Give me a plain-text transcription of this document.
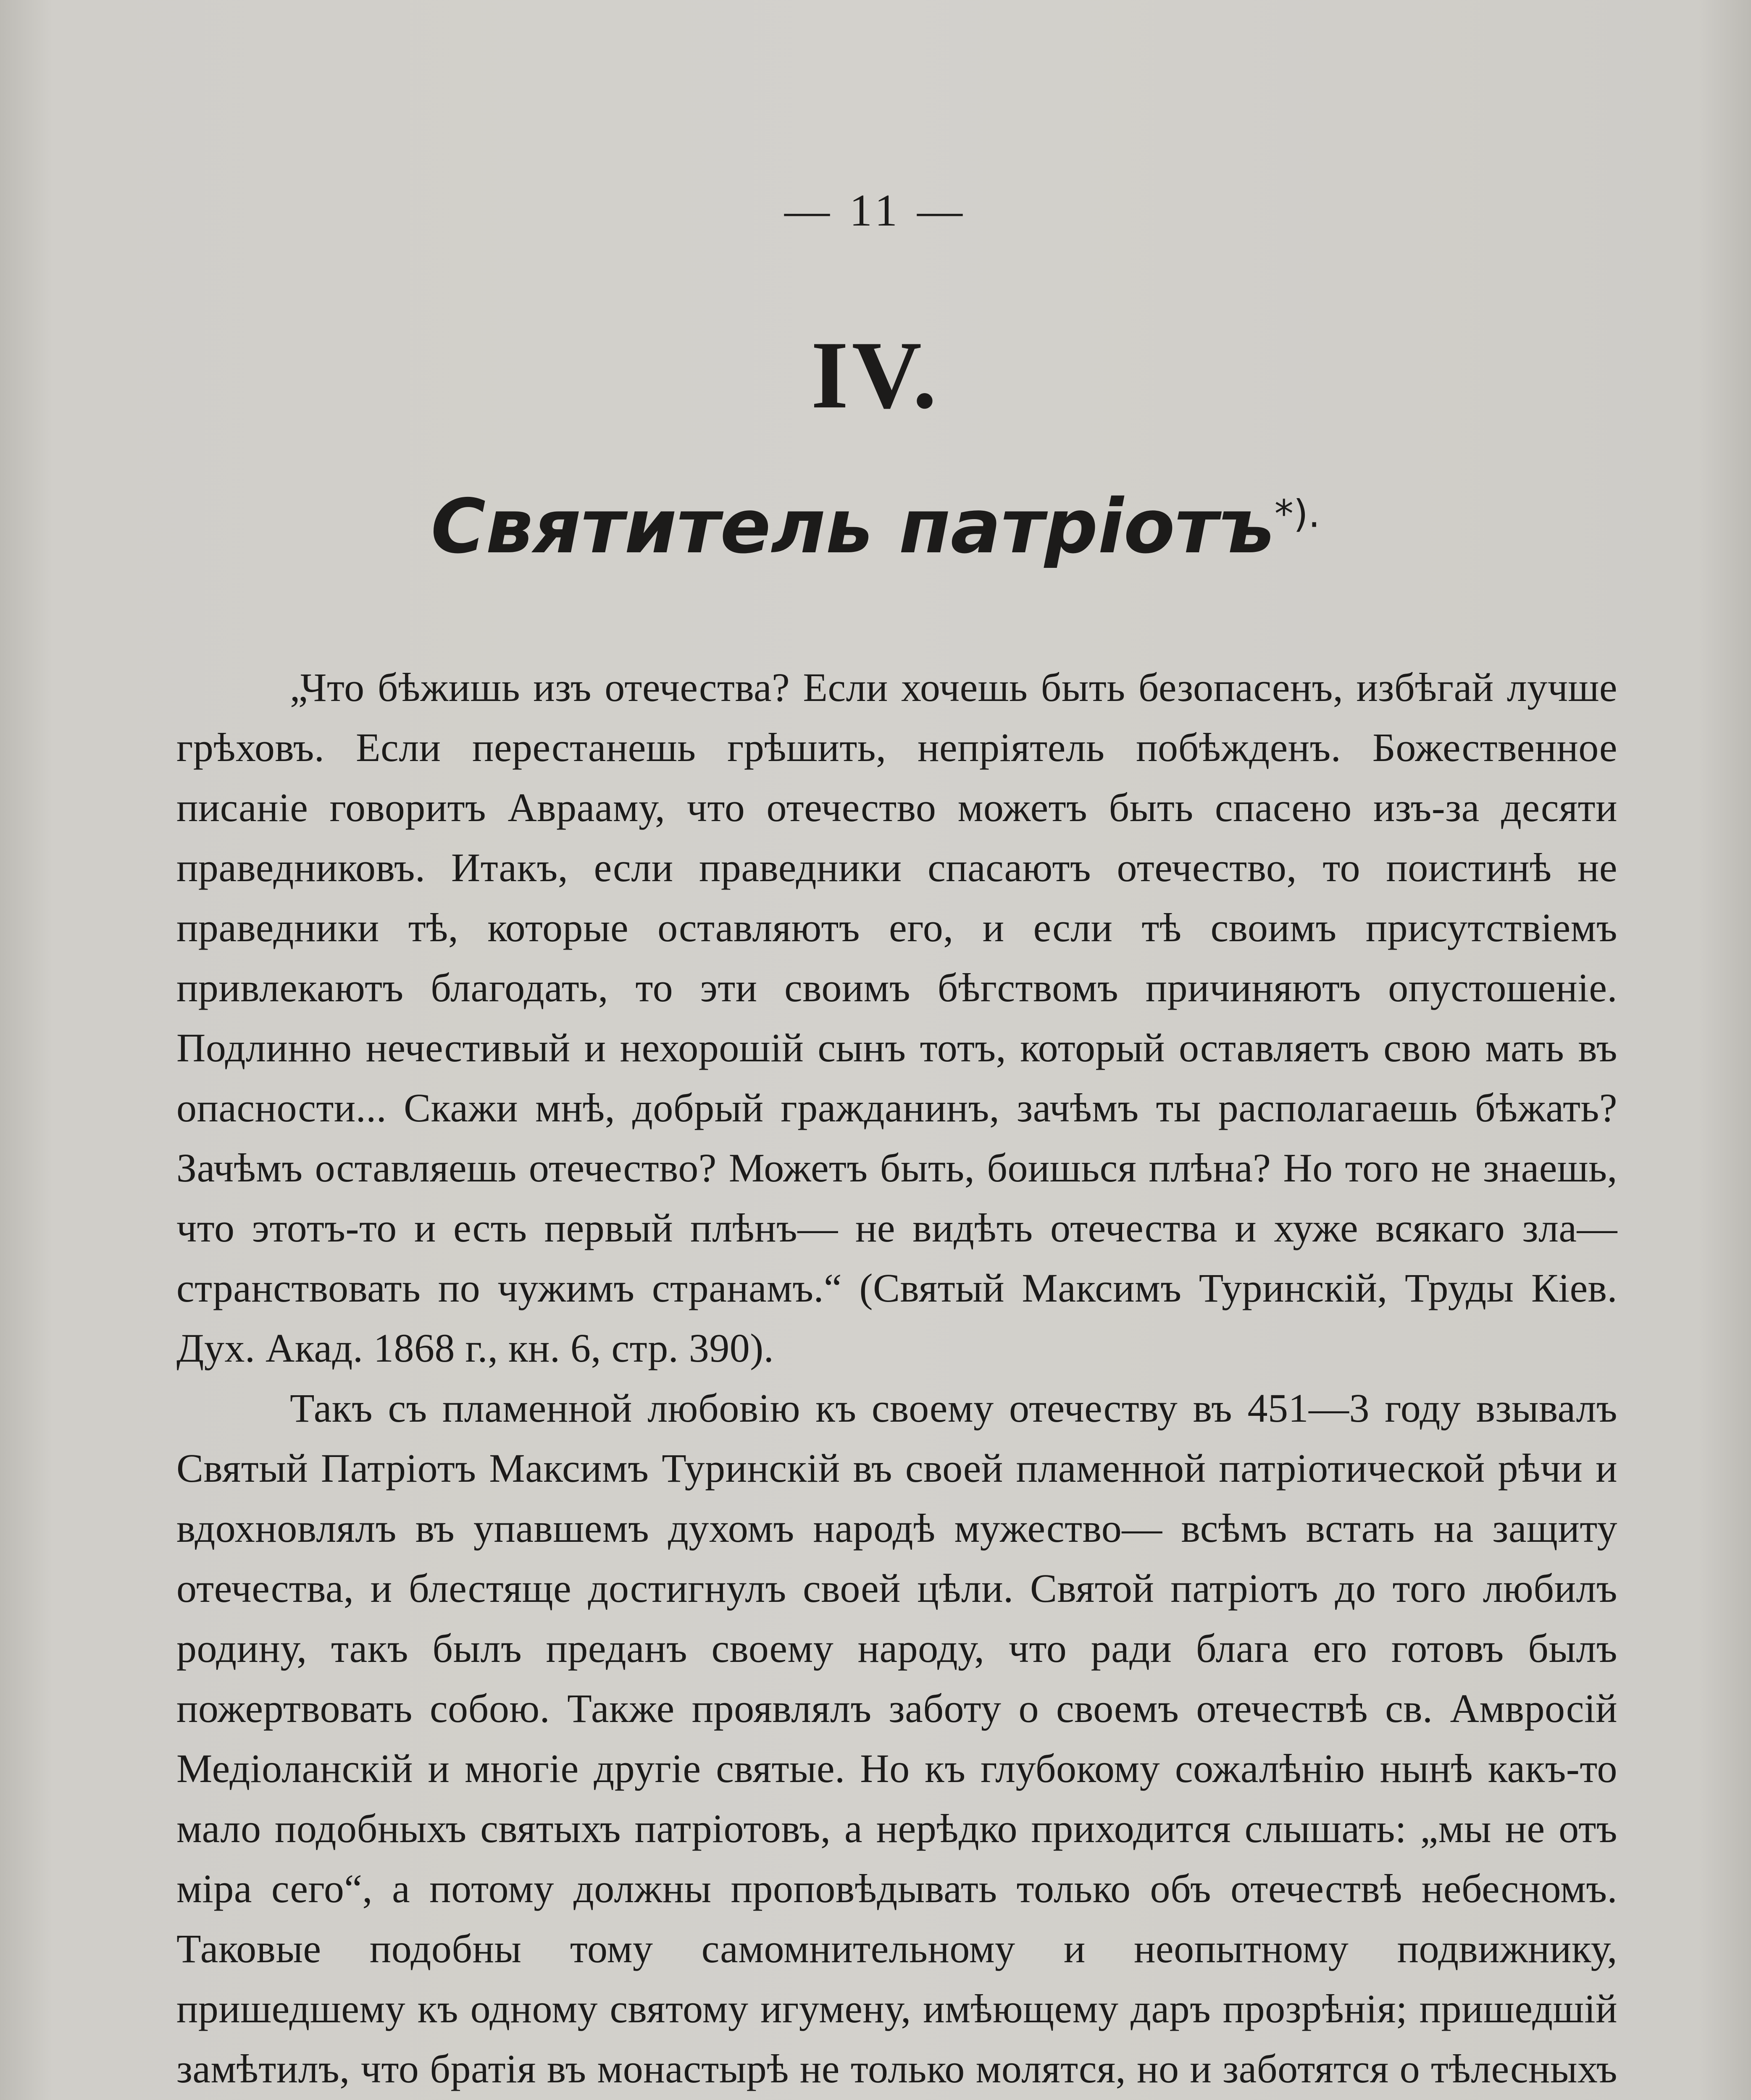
— 11 —
IV.
Святитель патріотъ*).

„Что бѣжишь изъ отечества? Если хочешь быть безопасенъ, избѣгай лучше грѣховъ. Если перестанешь грѣшить, непріятель побѣжденъ. Божественное писаніе говоритъ Аврааму, что отечество можетъ быть спасено изъ-за десяти праведниковъ. Итакъ, если праведники спасаютъ отечество, то поистинѣ не праведники тѣ, которые оставляютъ его, и если тѣ своимъ присутствіемъ привлекаютъ благодать, то эти своимъ бѣгствомъ причиняютъ опустошеніе. Подлинно нечестивый и нехорошій сынъ тотъ, который оставляетъ свою мать въ опасности... Скажи мнѣ, добрый гражданинъ, зачѣмъ ты располагаешь бѣжать? Зачѣмъ оставляешь отечество? Можетъ быть, боишься плѣна? Но того не знаешь, что этотъ-то и есть первый плѣнъ— не видѣть отечества и хуже всякаго зла—странствовать по чужимъ странамъ.“ (Святый Максимъ Туринскій, Труды Кіев. Дух. Акад. 1868 г., кн. 6, стр. 390).

Такъ съ пламенной любовію къ своему отечеству въ 451—3 году взывалъ Святый Патріотъ Максимъ Туринскій въ своей пламенной патріотической рѣчи и вдохновлялъ въ упавшемъ духомъ народѣ мужество— всѣмъ встать на защиту отечества, и блестяще достигнулъ своей цѣли. Святой патріотъ до того любилъ родину, такъ былъ преданъ своему народу, что ради блага его готовъ былъ пожертвовать собою. Также проявлялъ заботу о своемъ отечествѣ св. Амвросій Медіоланскій и многіе другіе святые. Но къ глубокому сожалѣнію нынѣ какъ-то мало подобныхъ святыхъ патріотовъ, а нерѣдко приходится слышать: „мы не отъ міра сего“, а потому должны проповѣдывать только объ отечествѣ небесномъ. Таковые подобны тому самомнительному и неопытному подвижнику, пришедшему къ одному святому игумену, имѣющему даръ прозрѣнія; пришедшій замѣтилъ, что братія въ монастырѣ не только молятся, но и заботятся о тѣлесныхъ
